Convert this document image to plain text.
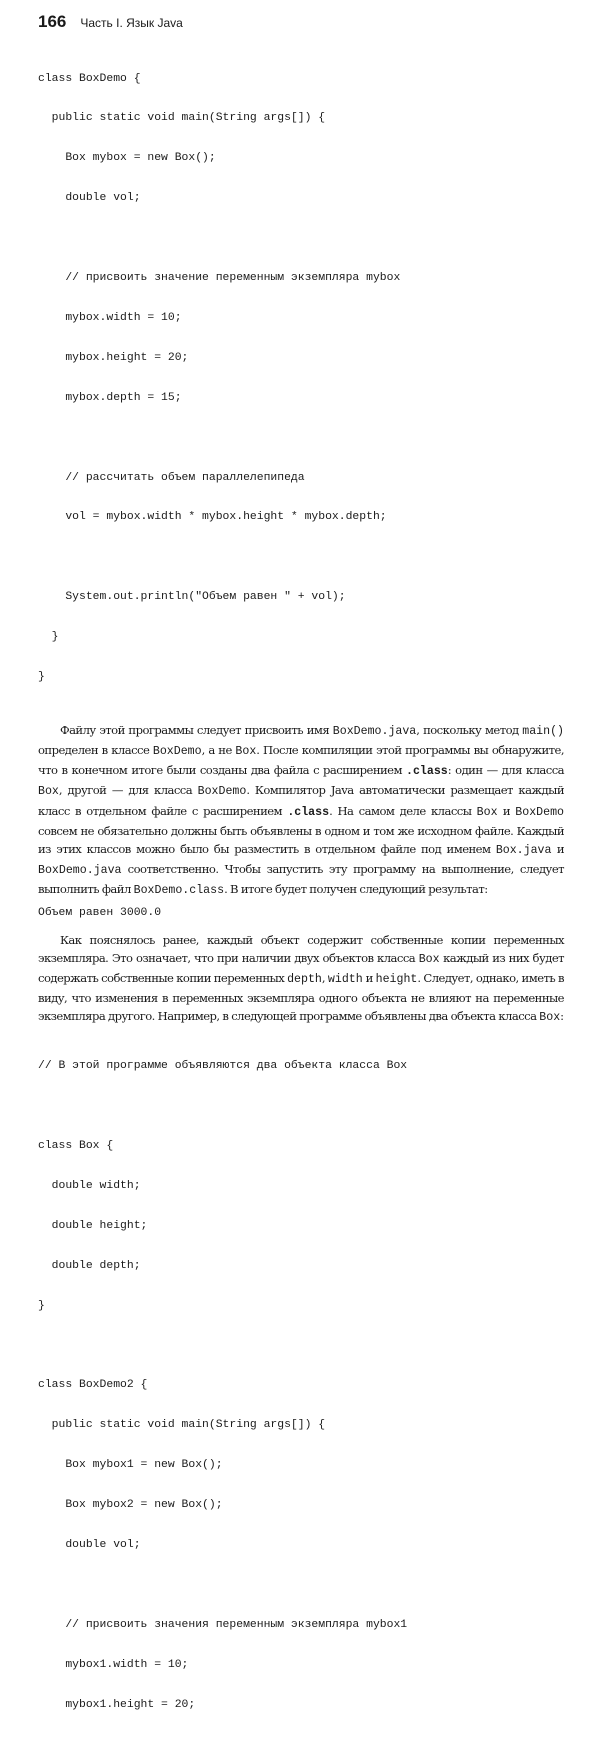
166 Часть I. Язык Java

class BoxDemo {

public static void main(String args[]) {

Box mybox = new Box();

double vol;

// присвоить значение переменным экземпляра mybox

mybox.width = 10;

mybox.height = 20;

mybox.depth = 15;

// рассчитать объем параллелепипеда

vol = mybox.width * mybox.height * mybox.depth;

System.out.println("Объем равен " + vol);

}

}

Файлу этой программы следует присвоить имя BoxDemo.java, поскольку метод main() определен в классе BoxDemo, а не Box. После компиляции этой программы вы обнаружите, что в конечном итоге были созданы два файла с расширением .class: один — для класса Box, другой — для класса BoxDemo. Компилятор Java автоматически размещает каждый класс в отдельном файле с расширением .class. На самом деле классы Box и BoxDemo совсем не обязательно должны быть объявлены в одном и том же исходном файле. Каждый из этих классов можно было бы разместить в отдельном файле под именем Box.java и BoxDemo.java соответственно. Чтобы запустить эту программу на выполнение, следует выполнить файл BoxDemo.class. В итоге будет получен следующий результат:

Объем равен 3000.0

Как пояснялось ранее, каждый объект содержит собственные копии переменных экземпляра. Это означает, что при наличии двух объектов класса Box каждый из них будет содержать собственные копии переменных depth, width и height. Следует, однако, иметь в виду, что изменения в переменных экземпляра одного объекта не влияют на переменные экземпляра другого. Например, в следующей программе объявлены два объекта класса Box:

// В этой программе объявляются два объекта класса Box

class Box {

double width;

double height;

double depth;

}

class BoxDemo2 {

public static void main(String args[]) {

Box mybox1 = new Box();

Box mybox2 = new Box();

double vol;

// присвоить значения переменным экземпляра mybox1

mybox1.width = 10;

mybox1.height = 20;
